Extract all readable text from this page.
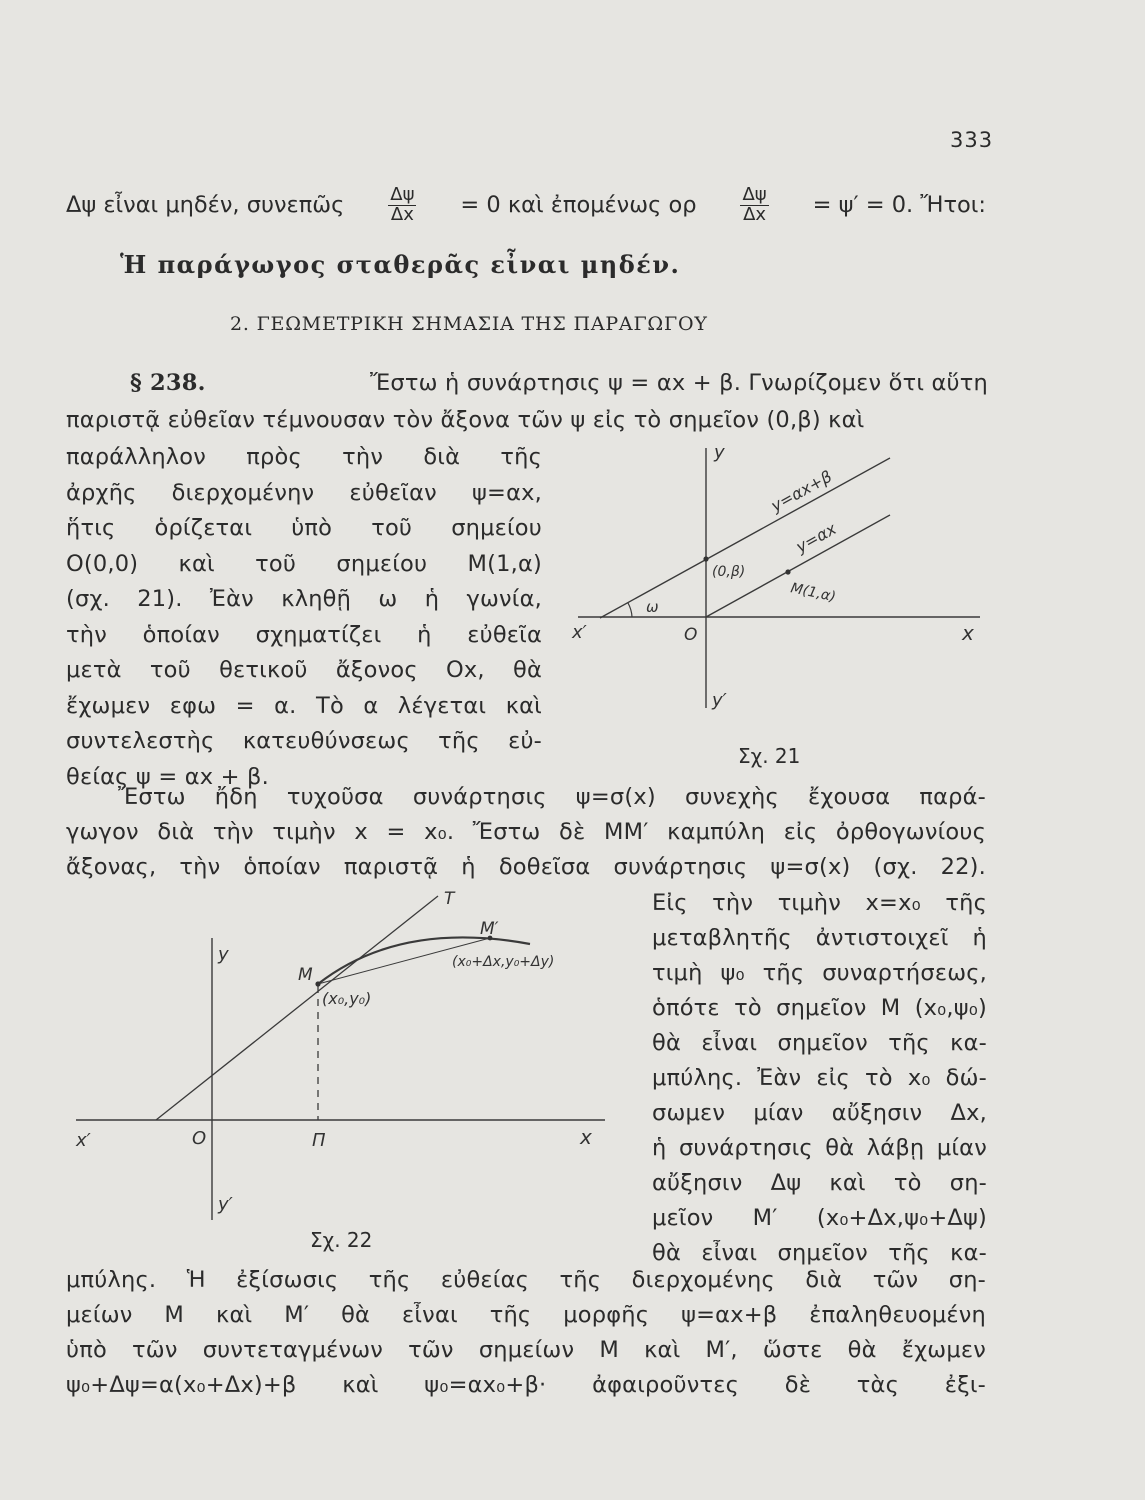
333
Δψ εἶναι μηδέν, συνεπῶς $\frac{\Delta\psi}{\Delta x} = 0$ καὶ ἐπομένως ορ $\frac{\Delta\psi}{\Delta x} = \psi' = 0$. Ἤτοι:
Ἡ παράγωγος σταθερᾶς εἶναι μηδέν.
2. ΓΕΩΜΕΤΡΙΚΗ ΣΗΜΑΣΙΑ ΤΗΣ ΠΑΡΑΓΩΓΟΥ
§ 238.	Ἔστω ἡ συνάρτησις ψ = αx + β. Γνωρίζομεν ὅτι αὕτη
παριστᾷ εὐθεῖαν τέμνουσαν τὸν ἄξονα τῶν ψ εἰς τὸ σημεῖον (0,β) καὶ
παράλληλον πρὸς τὴν διὰ τῆς
ἀρχῆς διερχομένην εὐθεῖαν ψ=αx,
ἥτις ὁρίζεται ὑπὸ τοῦ σημείου
O(0,0) καὶ τοῦ σημείου M(1,α)
(σχ. 21). Ἐὰν κληθῇ ω ἡ γωνία,
τὴν ὁποίαν σχηματίζει ἡ εὐθεῖα
μετὰ τοῦ θετικοῦ ἄξονος Ox, θὰ
ἔχωμεν εφω = α. Τὸ α λέγεται καὶ
συντελεστὴς κατευθύνσεως τῆς εὐ-
θείας ψ = αx + β.
y
y′
x
x′	O
y=αx+β
y=αx
(0,β)
M(1,α)
ω
Σχ. 21
Ἔστω ἤδη τυχοῦσα συνάρτησις ψ=σ(x) συνεχὴς ἔχουσα παρά-
γωγον διὰ τὴν τιμὴν x = x₀. Ἔστω δὲ MM′ καμπύλη εἰς ὀρθογωνίους
ἄξονας, τὴν ὁποίαν παριστᾷ ἡ δοθεῖσα συνάρτησις ψ=σ(x) (σχ. 22).
Εἰς τὴν τιμὴν x=x₀ τῆς
μεταβλητῆς ἀντιστοιχεῖ ἡ
τιμὴ ψ₀ τῆς συναρτήσεως,
ὁπότε τὸ σημεῖον M (x₀,ψ₀)
θὰ εἶναι σημεῖον τῆς κα-
μπύλης. Ἐὰν εἰς τὸ x₀ δώ-
σωμεν μίαν αὔξησιν Δx,
ἡ συνάρτησις θὰ λάβῃ μίαν
αὔξησιν Δψ καὶ τὸ ση-
μεῖον M′ (x₀+Δx,ψ₀+Δψ)
θὰ εἶναι σημεῖον τῆς κα-
y
y′
x
x′	O	Π
T
M
M′
(x₀,y₀)
(x₀+Δx,y₀+Δy)
Σχ. 22
μπύλης. Ἡ ἐξίσωσις τῆς εὐθείας τῆς διερχομένης διὰ τῶν ση-
μείων M καὶ M′ θὰ εἶναι τῆς μορφῆς ψ=αx+β ἐπαληθευομένη
ὑπὸ τῶν συντεταγμένων τῶν σημείων M καὶ M′, ὥστε θὰ ἔχωμεν
ψ₀+Δψ=α(x₀+Δx)+β καὶ ψ₀=αx₀+β· ἀφαιροῦντες δὲ τὰς ἐξι-
